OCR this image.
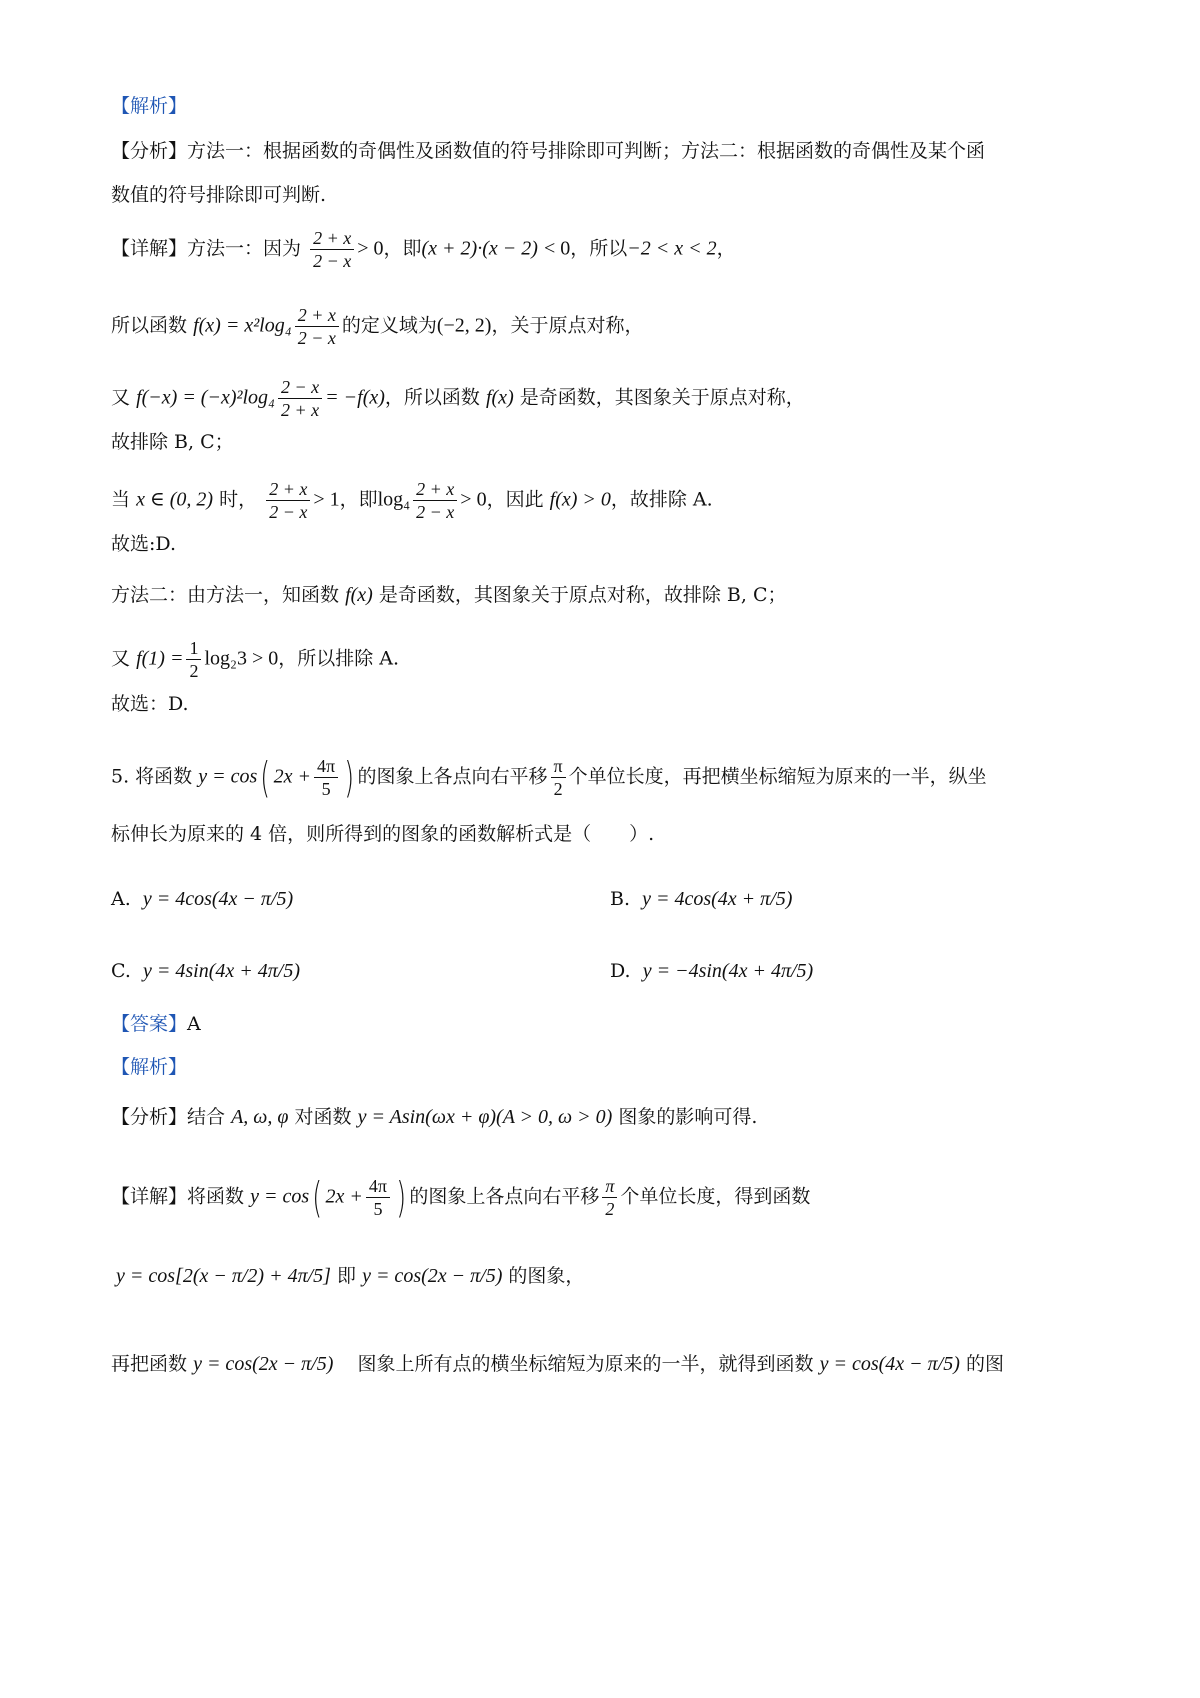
【解析】
【分析】方法一：根据函数的奇偶性及函数值的符号排除即可判断；方法二：根据函数的奇偶性及某个函
数值的符号排除即可判断.
【详解】方法一：因为 $\frac{2 + x}{2 - x} > 0$，即(x + 2)·(x − 2) < 0，所以−2 < x < 2，
所以函数 $f(x) = x^2\log_4 \frac{2 + x}{2 - x}$ 的定义域为(−2, 2)，关于原点对称，
又 $f(-x) = (-x)^2\log_4 \frac{2 - x}{2 + x} = -f(x)$，所以函数 f(x) 是奇函数，其图象关于原点对称，
故排除 B, C；
当 x ∈ (0, 2) 时， $\frac{2 + x}{2 - x} > 1$，即$\log_4 \frac{2 + x}{2 - x} > 0$，因此 f(x) > 0，故排除 A.
故选:D.
方法二：由方法一，知函数 f(x) 是奇函数，其图象关于原点对称，故排除 B, C；
又 $f(1) = \frac{1}{2} \log_23 > 0$，所以排除 A.
故选：D.
5. 将函数 y = cos( $2x + \frac{4\pi}{5}$ ) 的图象上各点向右平移 $\frac{\pi}{2}$ 个单位长度，再把横坐标缩短为原来的一半，纵坐
标伸长为原来的 4 倍，则所得到的图象的函数解析式是（　　）.
A. y = 4cos(4x − π/5)	B. y = 4cos(4x + π/5)
C. y = 4sin(4x + 4π/5)	D. y = −4sin(4x + 4π/5)
【答案】A
【解析】
【分析】结合 A, ω, φ 对函数 y = Asin(ωx + φ)(A > 0, ω > 0) 图象的影响可得.
【详解】将函数 y = cos( $2x + \frac{4\pi}{5}$ ) 的图象上各点向右平移 $\frac{\pi}{2}$ 个单位长度，得到函数
y = cos[2(x − π/2) + 4π/5] 即 y = cos(2x − π/5) 的图象，
再把函数 y = cos(2x − π/5) 图象上所有点的横坐标缩短为原来的一半，就得到函数 y = cos(4x − π/5) 的图
